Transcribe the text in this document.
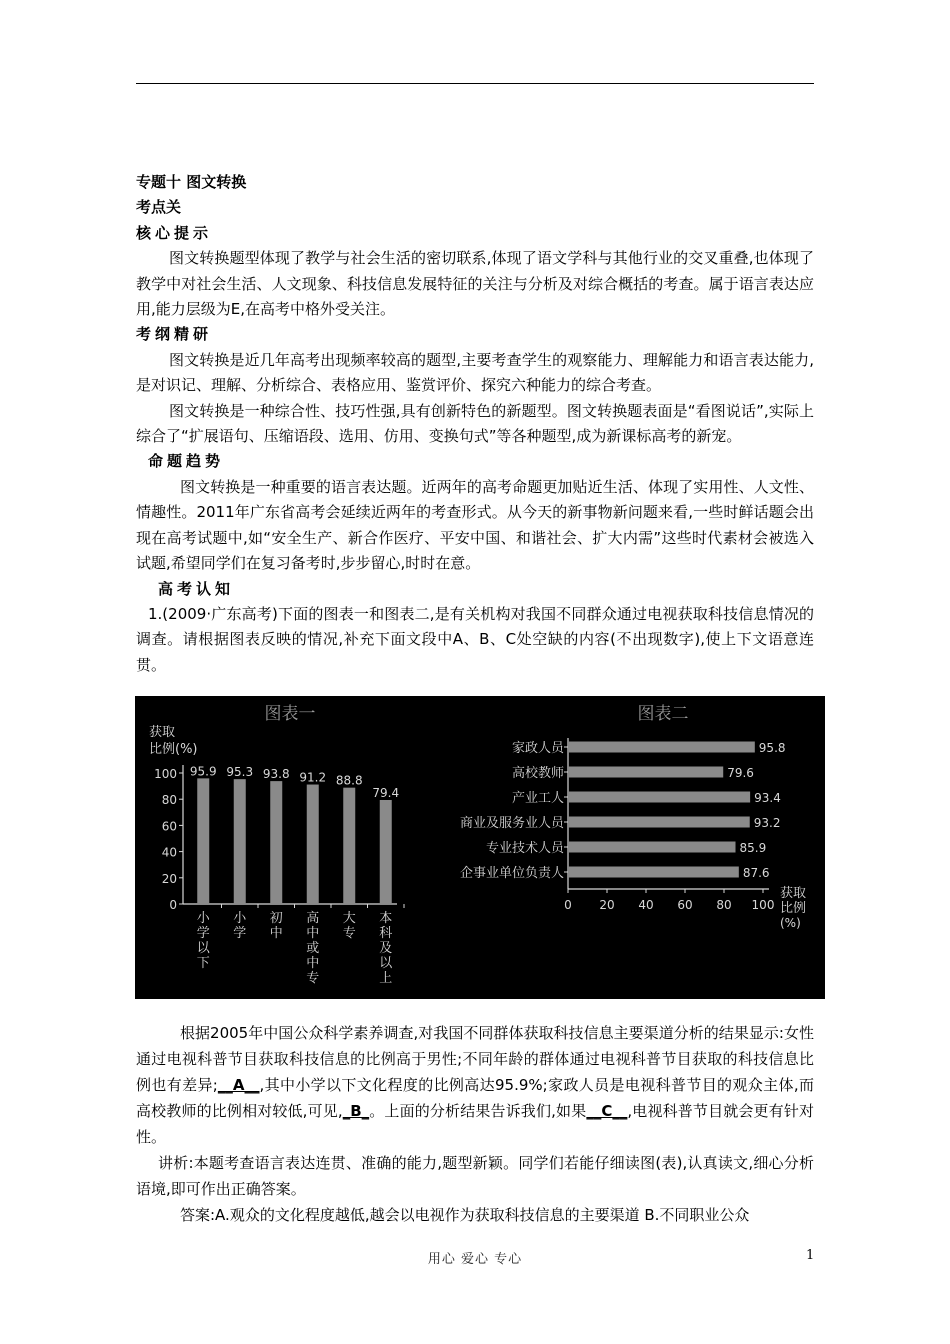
专题十 图文转换

考点关

核心提示

图文转换题型体现了教学与社会生活的密切联系,体现了语文学科与其他行业的交叉重叠,也体现了教学中对社会生活、人文现象、科技信息发展特征的关注与分析及对综合概括的考查。属于语言表达应用,能力层级为E,在高考中格外受关注。

考纲精研

图文转换是近几年高考出现频率较高的题型,主要考查学生的观察能力、理解能力和语言表达能力,是对识记、理解、分析综合、表格应用、鉴赏评价、探究六种能力的综合考查。

图文转换是一种综合性、技巧性强,具有创新特色的新题型。图文转换题表面是“看图说话”,实际上综合了“扩展语句、压缩语段、选用、仿用、变换句式”等各种题型,成为新课标高考的新宠。

命题趋势

图文转换是一种重要的语言表达题。近两年的高考命题更加贴近生活、体现了实用性、人文性、情趣性。2011年广东省高考会延续近两年的考查形式。从今天的新事物新问题来看,一些时鲜话题会出现在高考试题中,如“安全生产、新合作医疗、平安中国、和谐社会、扩大内需”这些时代素材会被选入试题,希望同学们在复习备考时,步步留心,时时在意。

高考认知

1.(2009·广东高考)下面的图表一和图表二,是有关机构对我国不同群众通过电视获取科技信息情况的调查。请根据图表反映的情况,补充下面文段中A、B、C处空缺的内容(不出现数字),使上下文语意连贯。

图表一
获取
比例(%)
0
20
40
60
80
100 95.9
小
学
以
下
95.3
小
学
93.8
初
中
91.2
高
中
或
中
专
88.8
大
专
79.4
本
科
及
以
上
图表二
95.8
家政人员
79.6
高校教师
93.4
产业工人
93.2
商业及服务业人员
85.9
专业技术人员
87.6
企事业单位负责人
0 20 40 60 80 100
获取
比例
(%)

根据2005年中国公众科学素养调查,对我国不同群体获取科技信息主要渠道分析的结果显示:女性通过电视科普节目获取科技信息的比例高于男性;不同年龄的群体通过电视科普节目获取的科技信息比例也有差异;__A__,其中小学以下文化程度的比例高达95.9%;家政人员是电视科普节目的观众主体,而高校教师的比例相对较低,可见,_B_。上面的分析结果告诉我们,如果__C__,电视科普节目就会更有针对性。

讲析:本题考查语言表达连贯、准确的能力,题型新颖。同学们若能仔细读图(表),认真读文,细心分析语境,即可作出正确答案。

答案:A.观众的文化程度越低,越会以电视作为获取科技信息的主要渠道 B.不同职业公众

用心 爱心 专心	1
